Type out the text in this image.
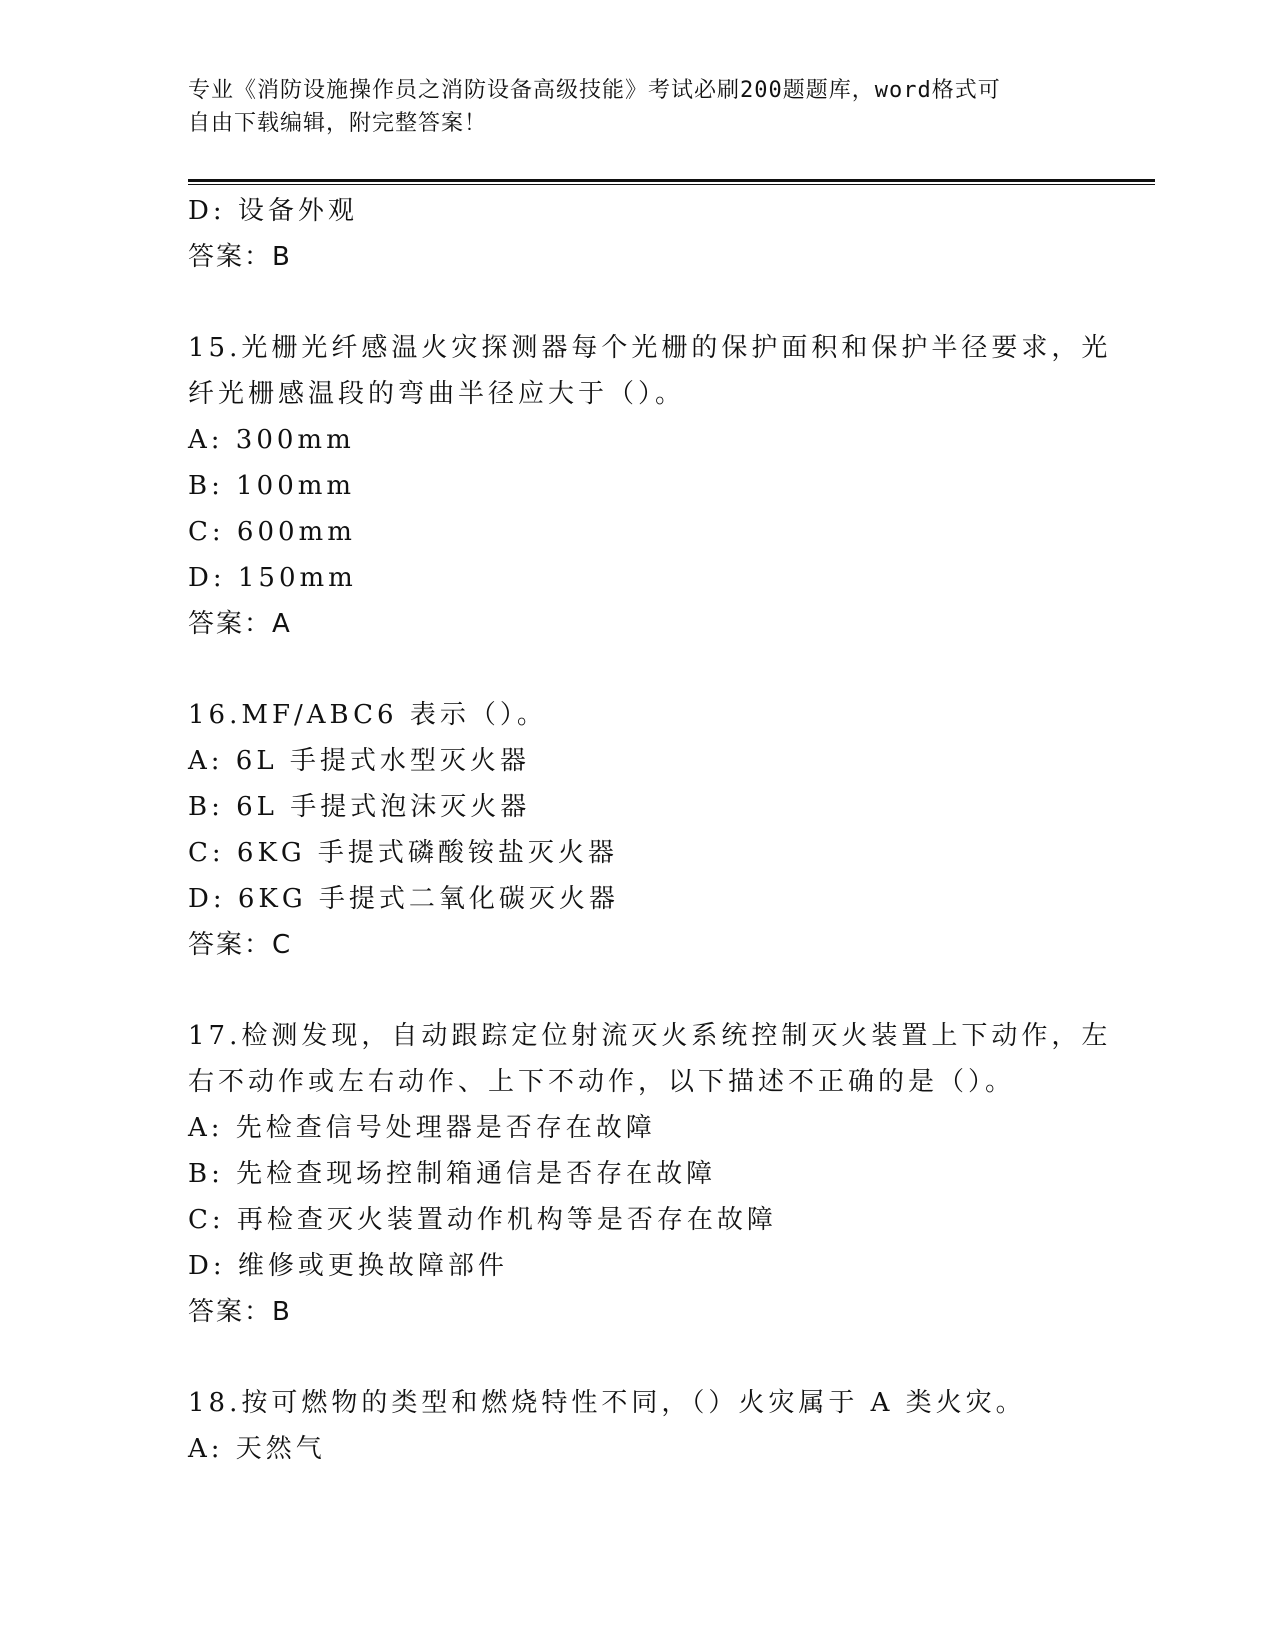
专业《消防设施操作员之消防设备高级技能》考试必刷200题题库，word格式可
自由下载编辑，附完整答案！
D: 设备外观
答案：B
15.光栅光纤感温火灾探测器每个光栅的保护面积和保护半径要求，光
纤光栅感温段的弯曲半径应大于（）。
A: 300mm
B: 100mm
C: 600mm
D: 150mm
答案：A
16.MF/ABC6 表示（）。
A: 6L 手提式水型灭火器
B: 6L 手提式泡沫灭火器
C: 6KG 手提式磷酸铵盐灭火器
D: 6KG 手提式二氧化碳灭火器
答案：C
17.检测发现，自动跟踪定位射流灭火系统控制灭火装置上下动作，左
右不动作或左右动作、上下不动作，以下描述不正确的是（）。
A: 先检查信号处理器是否存在故障
B: 先检查现场控制箱通信是否存在故障
C: 再检查灭火装置动作机构等是否存在故障
D: 维修或更换故障部件
答案：B
18.按可燃物的类型和燃烧特性不同，（）火灾属于 A 类火灾。
A: 天然气
